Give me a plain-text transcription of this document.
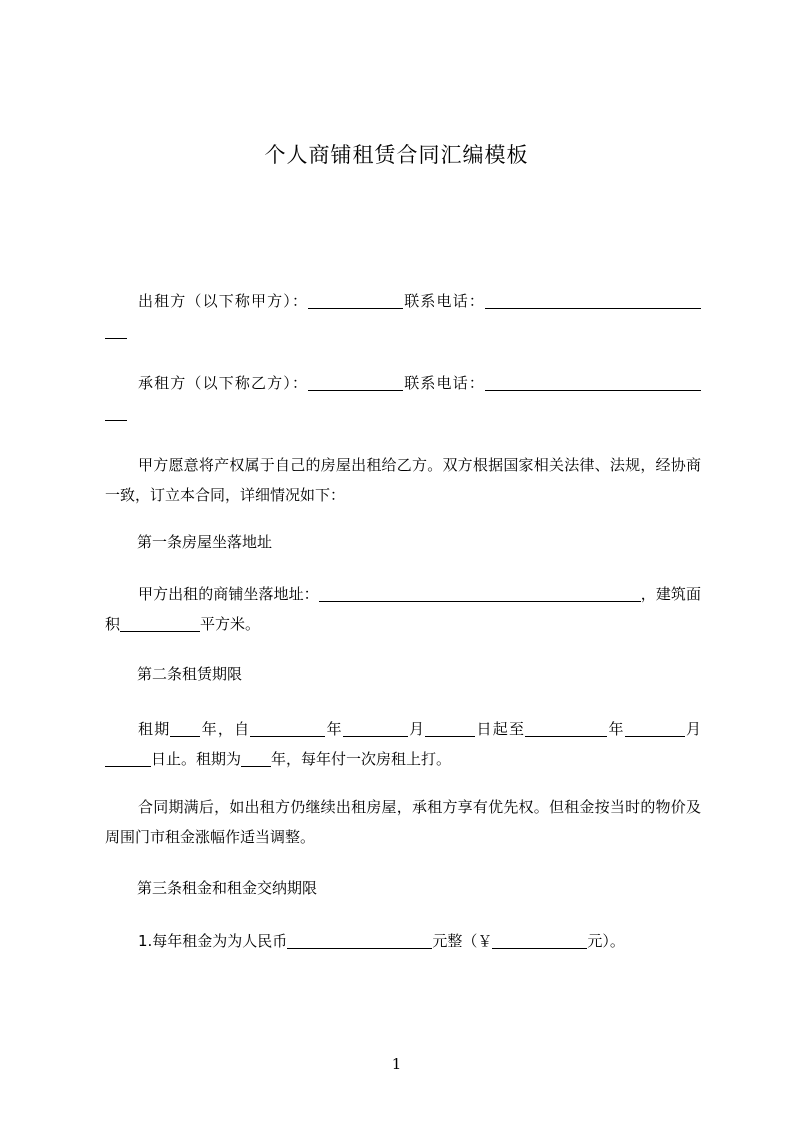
个人商铺租赁合同汇编模板

出租方（以下称甲方）：	联系电话：

承租方（以下称乙方）：	联系电话：

甲方愿意将产权属于自己的房屋出租给乙方。双方根据国家相关法律、法规，经协商一致，订立本合同，详细情况如下：

第一条房屋坐落地址

甲方出租的商铺坐落地址：	，建筑面积	平方米。

第二条租赁期限

租期 年，自	年	月	日起至	年	月日止。租期为 年，每年付一次房租上打。

合同期满后，如出租方仍继续出租房屋，承租方享有优先权。但租金按当时的物价及周围门市租金涨幅作适当调整。

第三条租金和租金交纳期限

1.每年租金为为人民币	元整（￥	元）。

1
